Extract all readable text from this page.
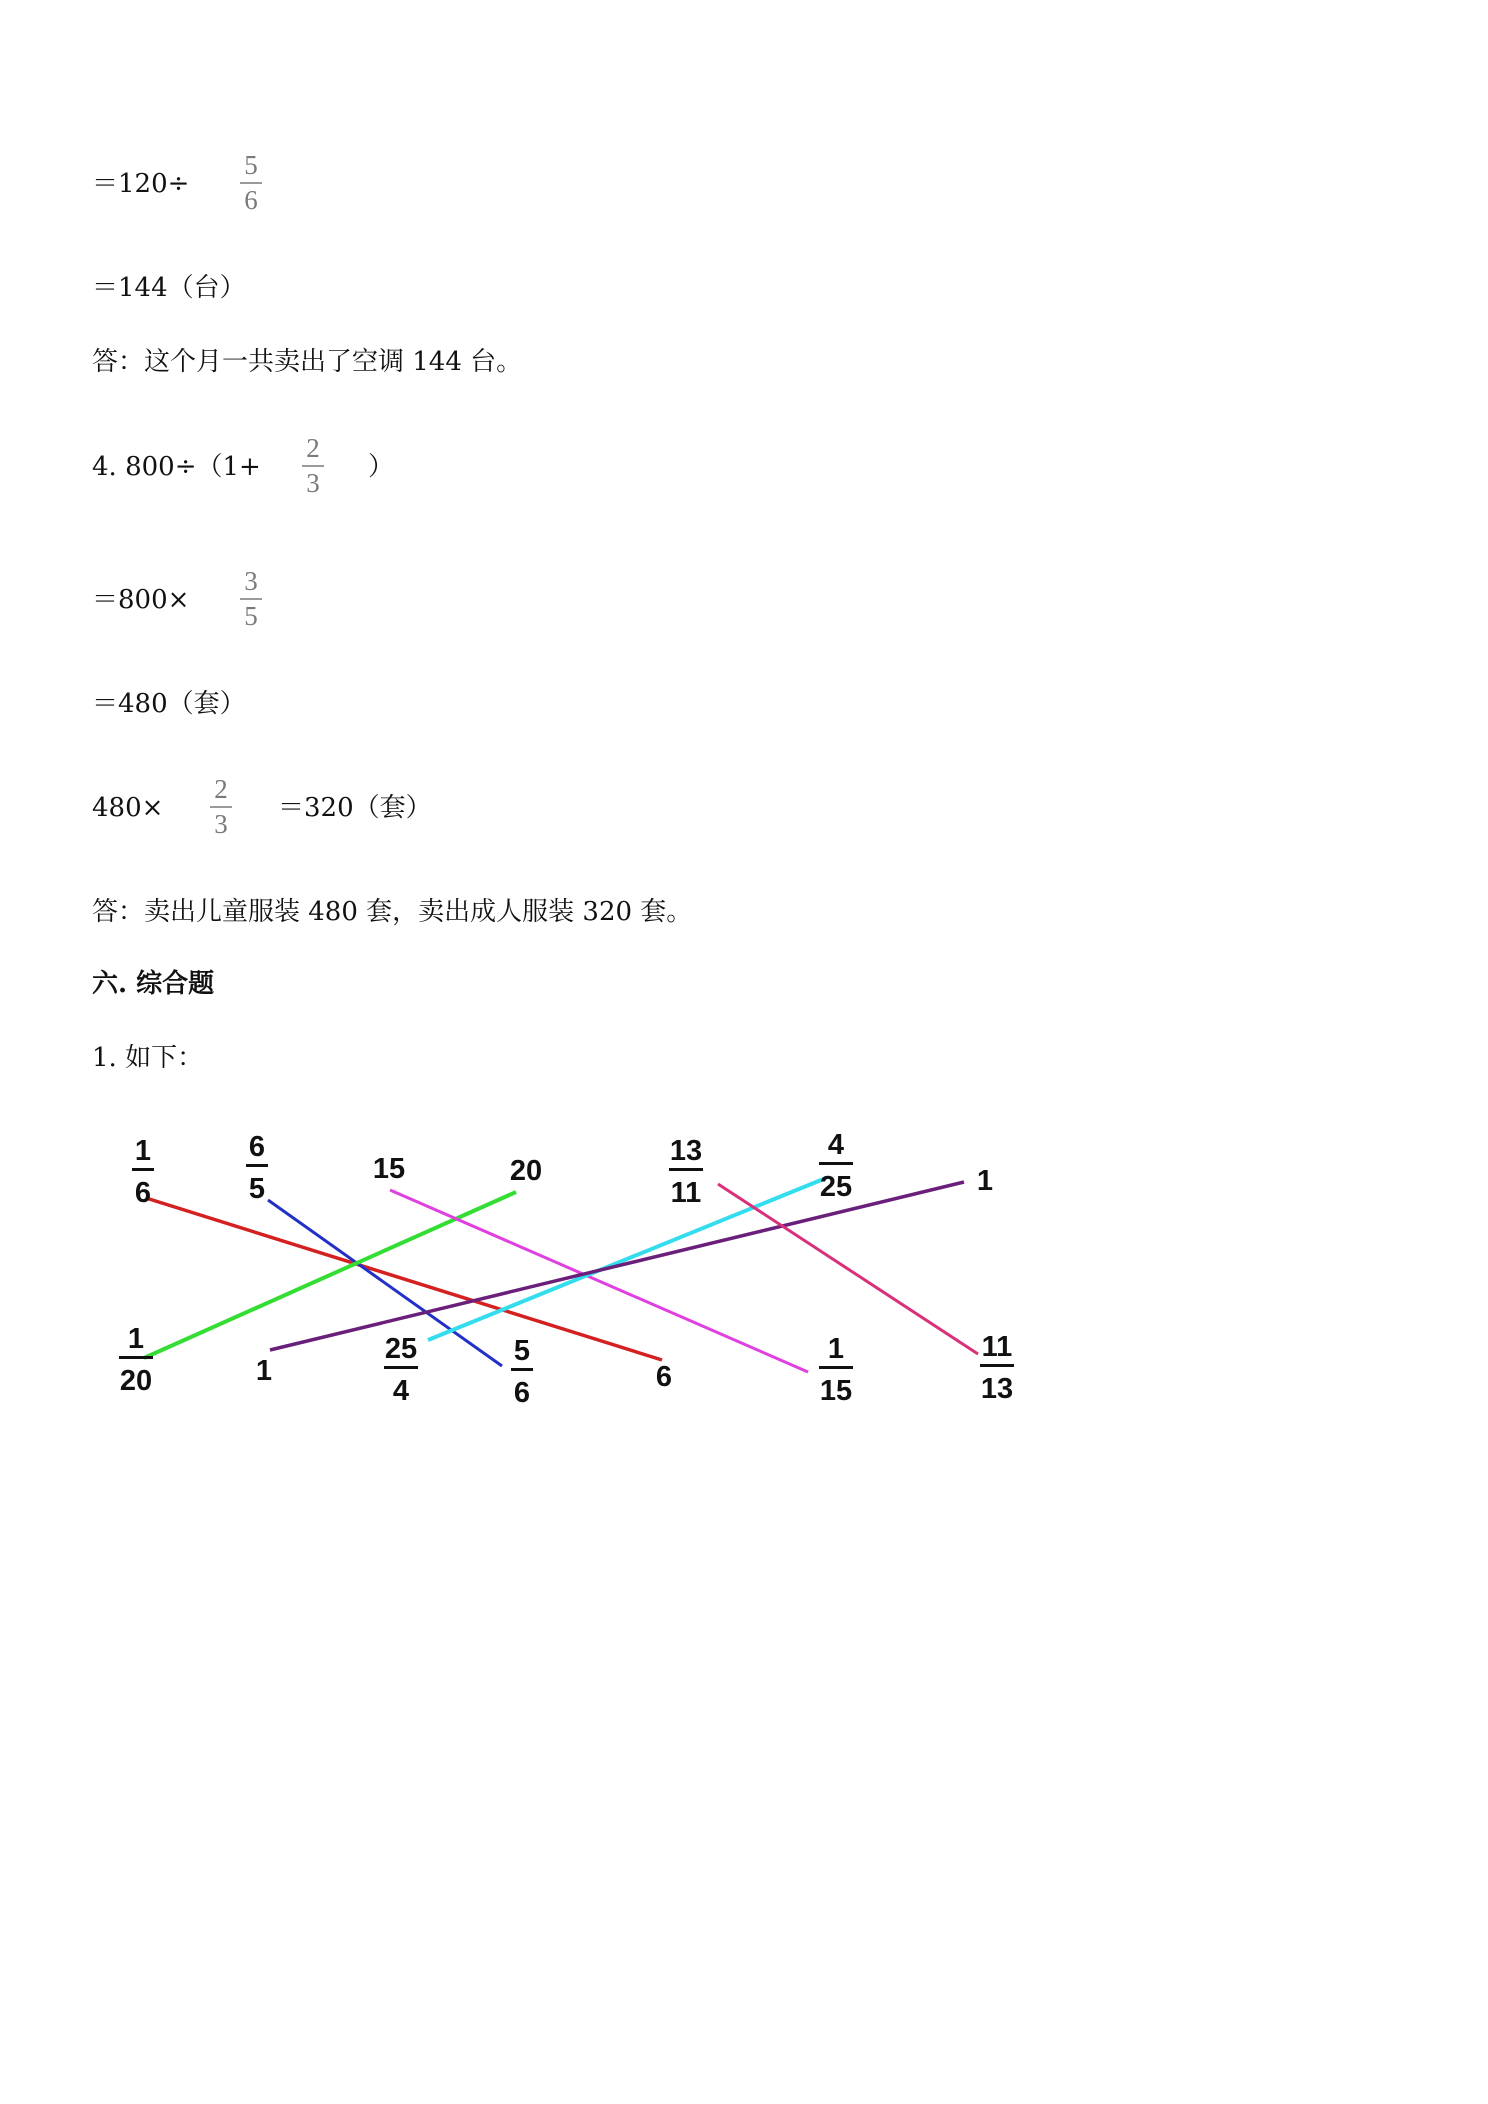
＝120÷
5
6
＝144（台）
答：这个月一共卖出了空调 144 台。
4. 800÷（1+
2
3
）
＝800×
3
5
＝480（套）
480×
2
3
＝320（套）
答：卖出儿童服装 480 套，卖出成人服装 320 套。
六. 综合题
1. 如下：
1
6
6
5
15	20
13
11
4
25	1
1
20	1
25
4
5
6	6
1
15
11
13
